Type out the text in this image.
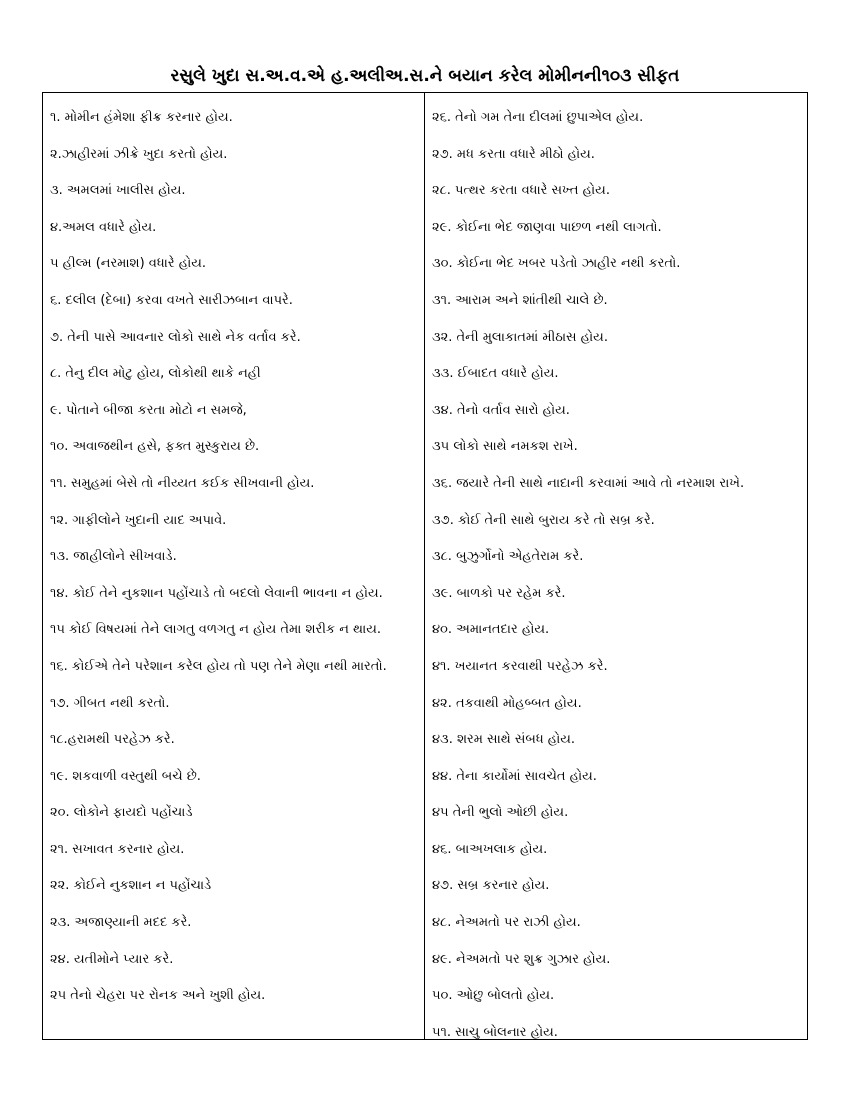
રસુલે ખુદા સ.અ.વ.એ હ.અલીઅ.સ.ને બયાન કરેલ મોમીનની૧૦૩ સીફત
૧. મોમીન હંમેશા ફીક્ર કરનાર હોય.
૨.ઝાહીરમાં ઝીક્રે ખુદા કરતો હોય.
૩. અમલમાં ખાલીસ હોય.
૪.અમલ વધારે હોય.
૫ હીલ્મ (નરમાશ) વધારે હોય.
૬. દલીલ (દેબા) કરવા વખતે સારીઝબાન વાપરે.
૭. તેની પાસે આવનાર લોકો સાથે નેક વર્તાવ કરે.
૮. તેનુ દીલ મોટુ હોય, લોકોથી થાકે નહી
૯. પોતાને બીજા કરતા મોટો ન સમજે,
૧૦. અવાજથીન હસે, ફક્ત મુસ્કુરાય છે.
૧૧. સમુહમાં બેસે તો નીય્યત કઈક સીખવાની હોય.
૧૨. ગાફીલોને ખુદાની યાદ અપાવે.
૧૩. જાહીલોને સીખવાડે.
૧૪. કોઈ તેને નુકશાન પહોંચાડે તો બદલો લેવાની ભાવના ન હોય.
૧૫ કોઈ વિષયમાં તેને લાગતુ વળગતુ ન હોય તેમા શરીક ન થાય.
૧૬. કોઈએ તેને પરેશાન કરેલ હોય તો પણ તેને મેણા નથી મારતો.
૧૭. ગીબત નથી કરતો.
૧૮.હરામથી પરહેઝ કરે.
૧૯. શકવાળી વસ્તુથી બચે છે.
૨૦. લોકોને ફાયદો પહોંચાડે
૨૧. સખાવત કરનાર હોય.
૨૨. કોઈને નુકશાન ન પહોંચાડે
૨૩. અજાણ્યાની મદદ કરે.
૨૪. યતીમોને પ્યાર કરે.
૨૫ તેનો ચેહરા પર રોનક અને ખુશી હોય.
૨૬. તેનો ગમ તેના દીલમાં છુપાએલ હોય.
૨૭. મધ કરતા વધારે મીઠો હોય.
૨૮. પત્થર કરતા વધારે સખ્ત હોય.
૨૯. કોઈના ભેદ જાણવા પાછળ નથી લાગતો.
૩૦. કોઈના ભેદ ખબર પડેતો ઝાહીર નથી કરતો.
૩૧. આરામ અને શાંતીથી ચાલે છે.
૩૨. તેની મુલાકાતમાં મીઠાસ હોય.
૩૩. ઈબાદત વધારે હોય.
૩૪. તેનો વર્તાવ સારો હોય.
૩૫ લોકો સાથે નમકશ રાખે.
૩૬. જયારે તેની સાથે નાદાની કરવામાં આવે તો નરમાશ રાખે.
૩૭. કોઈ તેની સાથે બુરાય કરે તો સબ્ર કરે.
૩૮. બુઝુર્ગોનો એહતેરામ કરે.
૩૯. બાળકો પર રહેમ કરે.
૪૦. અમાનતદાર હોય.
૪૧. ખયાનત કરવાથી પરહેઝ કરે.
૪૨. તકવાથી મોહબ્બત હોય.
૪૩. શરમ સાથે સંબધ હોય.
૪૪. તેના કાર્યોમાં સાવચેત હોય.
૪૫ તેની ભુલો ઓછી હોય.
૪૬. બાઅખલાક હોય.
૪૭. સબ્ર કરનાર હોય.
૪૮. નેઅમતો પર રાઝી હોય.
૪૯. નેઅમતો પર શુક્ર ગુઝાર હોય.
૫૦. ઓછુ બોલતો હોય.
૫૧. સાચુ બોલનાર હોય.
